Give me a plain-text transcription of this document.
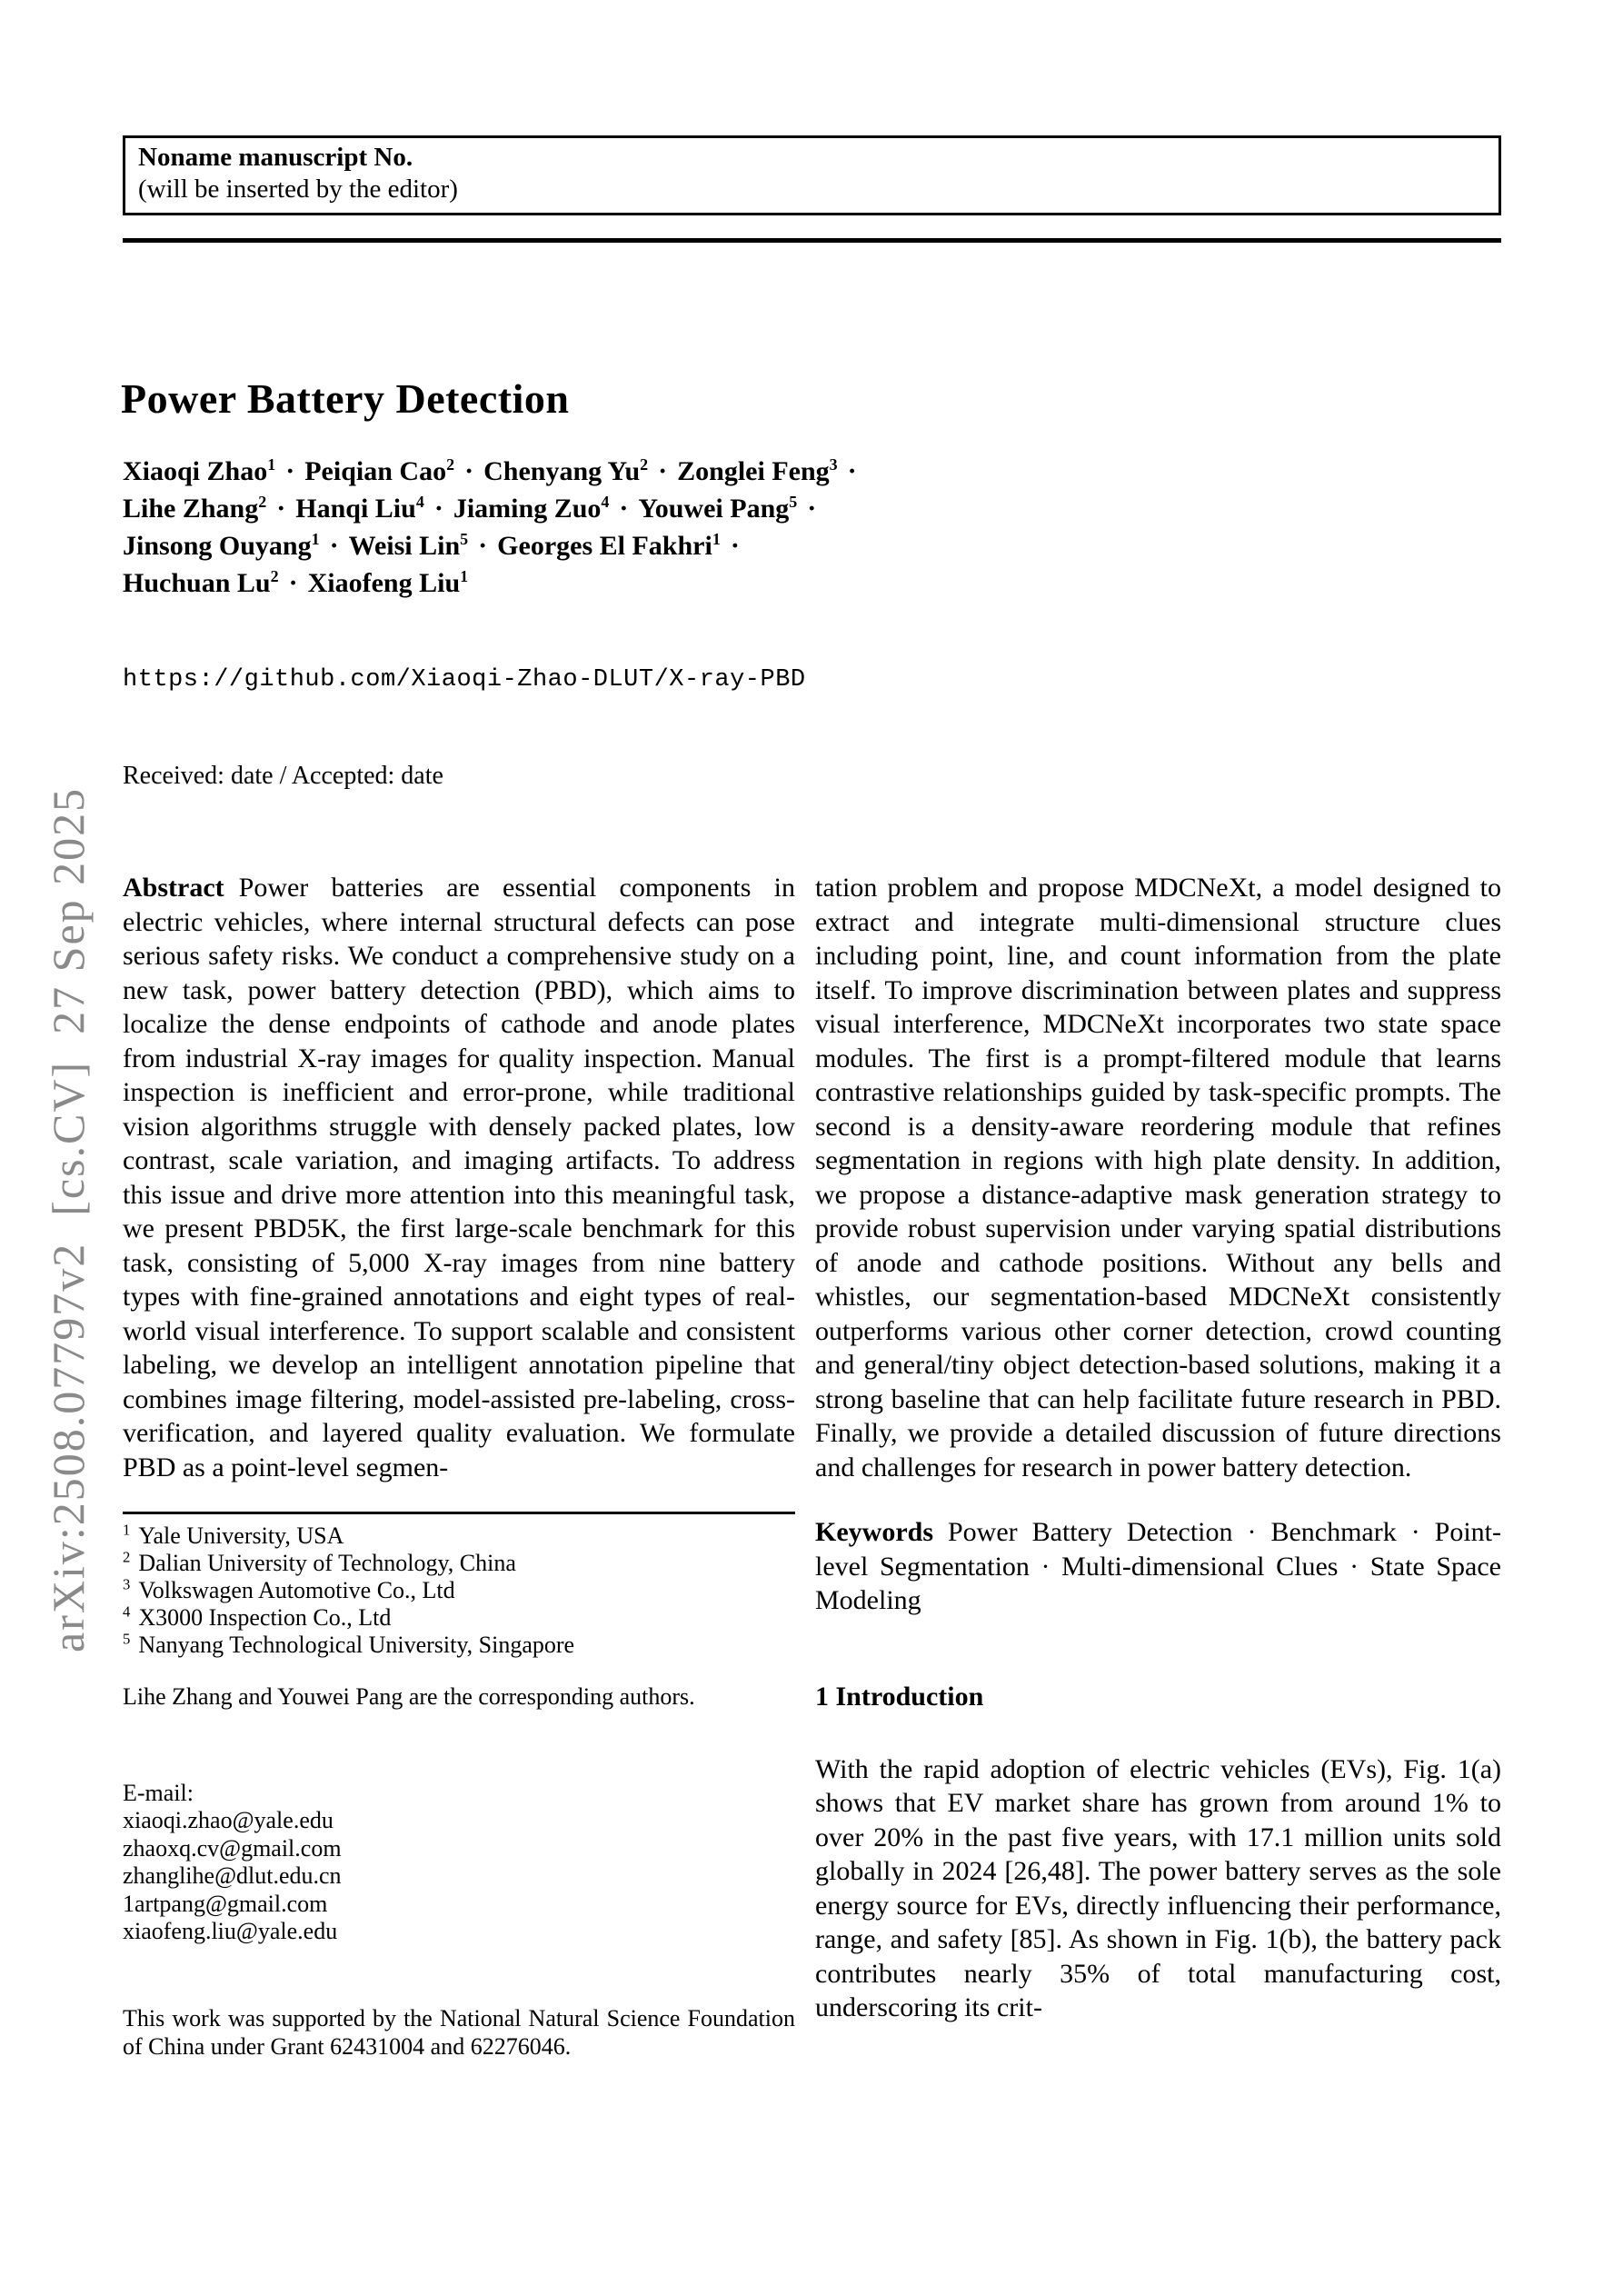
arXiv:2508.07797v2  [cs.CV]  27 Sep 2025
Noname manuscript No.
(will be inserted by the editor)
Power Battery Detection
Xiaoqi Zhao$^1$ · Peiqian Cao$^2$ · Chenyang $Yu^2$ · Zonglei Feng$^3$ ·
Lihe Zhang$^2$ · Hanqi Liu$^4$ · Jiaming Zuo$^4$ · Youwei Pang$^5$ ·
Jinsong Ouyang$^1$ · Weisi Lin$^5$ · Georges El Fakhri$^1$ ·
Huchuan $Lu^2$ · Xiaofeng Liu$^1$
https://github.com/Xiaoqi-Zhao-DLUT/X-ray-PBD
Received: date / Accepted: date

Abstract Power batteries are essential components in electric vehicles, where internal structural defects can pose serious safety risks. We conduct a comprehensive study on a new task, power battery detection (PBD), which aims to localize the dense endpoints of cathode and anode plates from industrial X-ray images for quality inspection. Manual inspection is inefficient and error-prone, while traditional vision algorithms struggle with densely packed plates, low contrast, scale variation, and imaging artifacts. To address this issue and drive more attention into this meaningful task, we present PBD5K, the first large-scale benchmark for this task, consisting of 5,000 X-ray images from nine battery types with fine-grained annotations and eight types of real-world visual interference. To support scalable and consistent labeling, we develop an intelligent annotation pipeline that combines image filtering, model-assisted pre-labeling, cross-verification, and layered quality evaluation. We formulate PBD as a point-level segmen-

$^1$ Yale University, USA
$^2$ Dalian University of Technology, China
$^3$ Volkswagen Automotive Co., Ltd
$^4$ X3000 Inspection Co., Ltd
$^5$ Nanyang Technological University, Singapore

Lihe Zhang and Youwei Pang are the corresponding authors.

E-mail:
xiaoqi.zhao@yale.edu
zhaoxq.cv@gmail.com
zhanglihe@dlut.edu.cn
1artpang@gmail.com
xiaofeng.liu@yale.edu

This work was supported by the National Natural Science Foundation of China under Grant 62431004 and 62276046.

tation problem and propose MDCNeXt, a model designed to extract and integrate multi-dimensional structure clues including point, line, and count information from the plate itself. To improve discrimination between plates and suppress visual interference, MDCNeXt incorporates two state space modules. The first is a prompt-filtered module that learns contrastive relationships guided by task-specific prompts. The second is a density-aware reordering module that refines segmentation in regions with high plate density. In addition, we propose a distance-adaptive mask generation strategy to provide robust supervision under varying spatial distributions of anode and cathode positions. Without any bells and whistles, our segmentation-based MDCNeXt consistently outperforms various other corner detection, crowd counting and general/tiny object detection-based solutions, making it a strong baseline that can help facilitate future research in PBD. Finally, we provide a detailed discussion of future directions and challenges for research in power battery detection.

Keywords Power Battery Detection · Benchmark · Point-level Segmentation · Multi-dimensional Clues · State Space Modeling

1 Introduction

With the rapid adoption of electric vehicles (EVs), Fig. 1(a) shows that EV market share has grown from around 1% to over 20% in the past five years, with 17.1 million units sold globally in 2024 [26,48]. The power battery serves as the sole energy source for EVs, directly influencing their performance, range, and safety [85]. As shown in Fig. 1(b), the battery pack contributes nearly 35% of total manufacturing cost, underscoring its crit-
